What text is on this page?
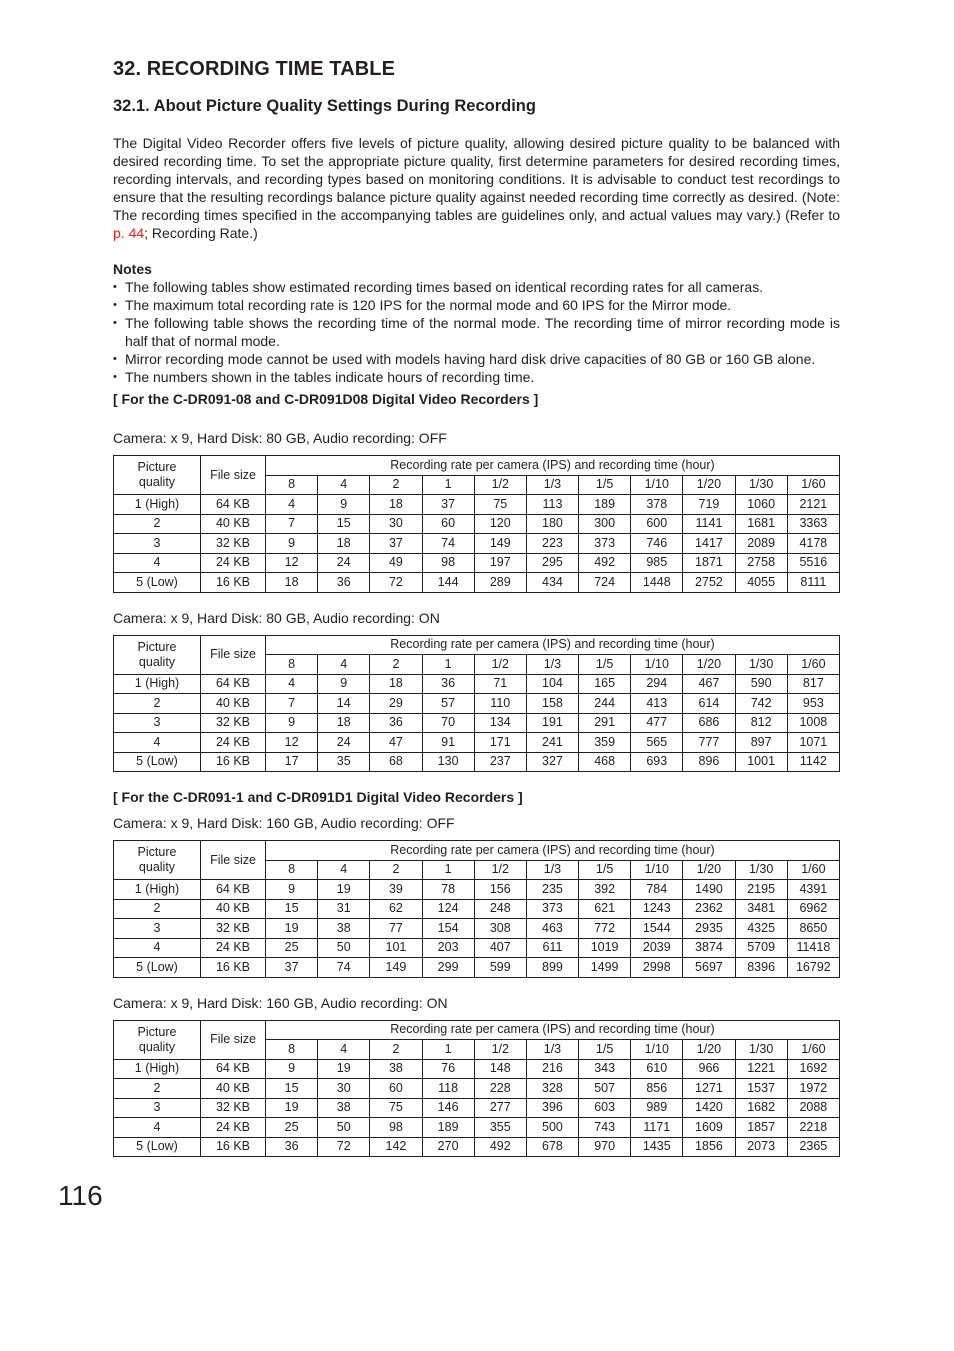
32. RECORDING TIME TABLE
32.1. About Picture Quality Settings During Recording

The Digital Video Recorder offers five levels of picture quality, allowing desired picture quality to be balanced with desired recording time. To set the appropriate picture quality, first determine parameters for desired recording times, recording intervals, and recording types based on monitoring conditions. It is advisable to conduct test recordings to ensure that the resulting recordings balance picture quality against needed recording time correctly as desired. (Note: The recording times specified in the accompanying tables are guidelines only, and actual values may vary.) (Refer to p. 44; Recording Rate.)

Notes
• The following tables show estimated recording times based on identical recording rates for all cameras.
• The maximum total recording rate is 120 IPS for the normal mode and 60 IPS for the Mirror mode.
• The following table shows the recording time of the normal mode. The recording time of mirror recording mode is half that of normal mode.
• Mirror recording mode cannot be used with models having hard disk drive capacities of 80 GB or 160 GB alone.
• The numbers shown in the tables indicate hours of recording time.
[ For the C-DR091-08 and C-DR091D08 Digital Video Recorders ]
Camera: x 9, Hard Disk: 80 GB, Audio recording: OFF
Picture
quality	File size	Recording rate per camera (IPS) and recording time (hour)										
		8	4	2	1	1/2	1/3	1/5	1/10	1/20	1/30	1/60
1 (High)	64 KB	4	9	18	37	75	113	189	378	719	1060	2121
2	40 KB	7	15	30	60	120	180	300	600	1141	1681	3363
3	32 KB	9	18	37	74	149	223	373	746	1417	2089	4178
4	24 KB	12	24	49	98	197	295	492	985	1871	2758	5516
5 (Low)	16 KB	18	36	72	144	289	434	724	1448	2752	4055	8111
Camera: x 9, Hard Disk: 80 GB, Audio recording: ON
Picture
quality	File size	Recording rate per camera (IPS) and recording time (hour)										
		8	4	2	1	1/2	1/3	1/5	1/10	1/20	1/30	1/60
1 (High)	64 KB	4	9	18	36	71	104	165	294	467	590	817
2	40 KB	7	14	29	57	110	158	244	413	614	742	953
3	32 KB	9	18	36	70	134	191	291	477	686	812	1008
4	24 KB	12	24	47	91	171	241	359	565	777	897	1071
5 (Low)	16 KB	17	35	68	130	237	327	468	693	896	1001	1142
[ For the C-DR091-1 and C-DR091D1 Digital Video Recorders ]
Camera: x 9, Hard Disk: 160 GB, Audio recording: OFF
Picture
quality	File size	Recording rate per camera (IPS) and recording time (hour)										
		8	4	2	1	1/2	1/3	1/5	1/10	1/20	1/30	1/60
1 (High)	64 KB	9	19	39	78	156	235	392	784	1490	2195	4391
2	40 KB	15	31	62	124	248	373	621	1243	2362	3481	6962
3	32 KB	19	38	77	154	308	463	772	1544	2935	4325	8650
4	24 KB	25	50	101	203	407	611	1019	2039	3874	5709	11418
5 (Low)	16 KB	37	74	149	299	599	899	1499	2998	5697	8396	16792
Camera: x 9, Hard Disk: 160 GB, Audio recording: ON
Picture
quality	File size	Recording rate per camera (IPS) and recording time (hour)										
		8	4	2	1	1/2	1/3	1/5	1/10	1/20	1/30	1/60
1 (High)	64 KB	9	19	38	76	148	216	343	610	966	1221	1692
2	40 KB	15	30	60	118	228	328	507	856	1271	1537	1972
3	32 KB	19	38	75	146	277	396	603	989	1420	1682	2088
4	24 KB	25	50	98	189	355	500	743	1171	1609	1857	2218
5 (Low)	16 KB	36	72	142	270	492	678	970	1435	1856	2073	2365
116
